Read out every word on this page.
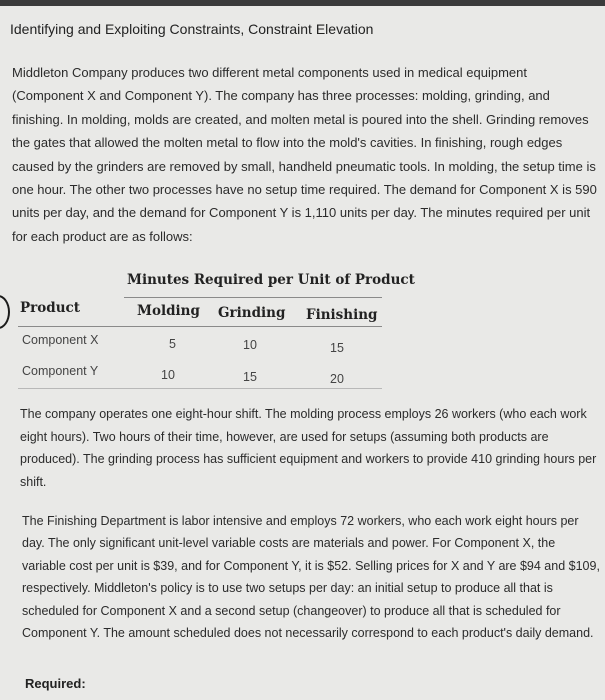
Identifying and Exploiting Constraints, Constraint Elevation

Middleton Company produces two different metal components used in medical equipment (Component X and Component Y). The company has three processes: molding, grinding, and finishing. In molding, molds are created, and molten metal is poured into the shell. Grinding removes the gates that allowed the molten metal to flow into the mold's cavities. In finishing, rough edges caused by the grinders are removed by small, handheld pneumatic tools. In molding, the setup time is one hour. The other two processes have no setup time required. The demand for Component X is 590 units per day, and the demand for Component Y is 1,110 units per day. The minutes required per unit for each product are as follows:

Minutes Required per Unit of Product
Product	Molding Grinding Finishing
Component X	5	10	15
Component Y	10	15	20

The company operates one eight-hour shift. The molding process employs 26 workers (who each work eight hours). Two hours of their time, however, are used for setups (assuming both products are produced). The grinding process has sufficient equipment and workers to provide 410 grinding hours per shift.

The Finishing Department is labor intensive and employs 72 workers, who each work eight hours per day. The only significant unit-level variable costs are materials and power. For Component X, the variable cost per unit is $39, and for Component Y, it is $52. Selling prices for X and Y are $94 and $109, respectively. Middleton's policy is to use two setups per day: an initial setup to produce all that is scheduled for Component X and a second setup (changeover) to produce all that is scheduled for Component Y. The amount scheduled does not necessarily correspond to each product's daily demand.

Required:
